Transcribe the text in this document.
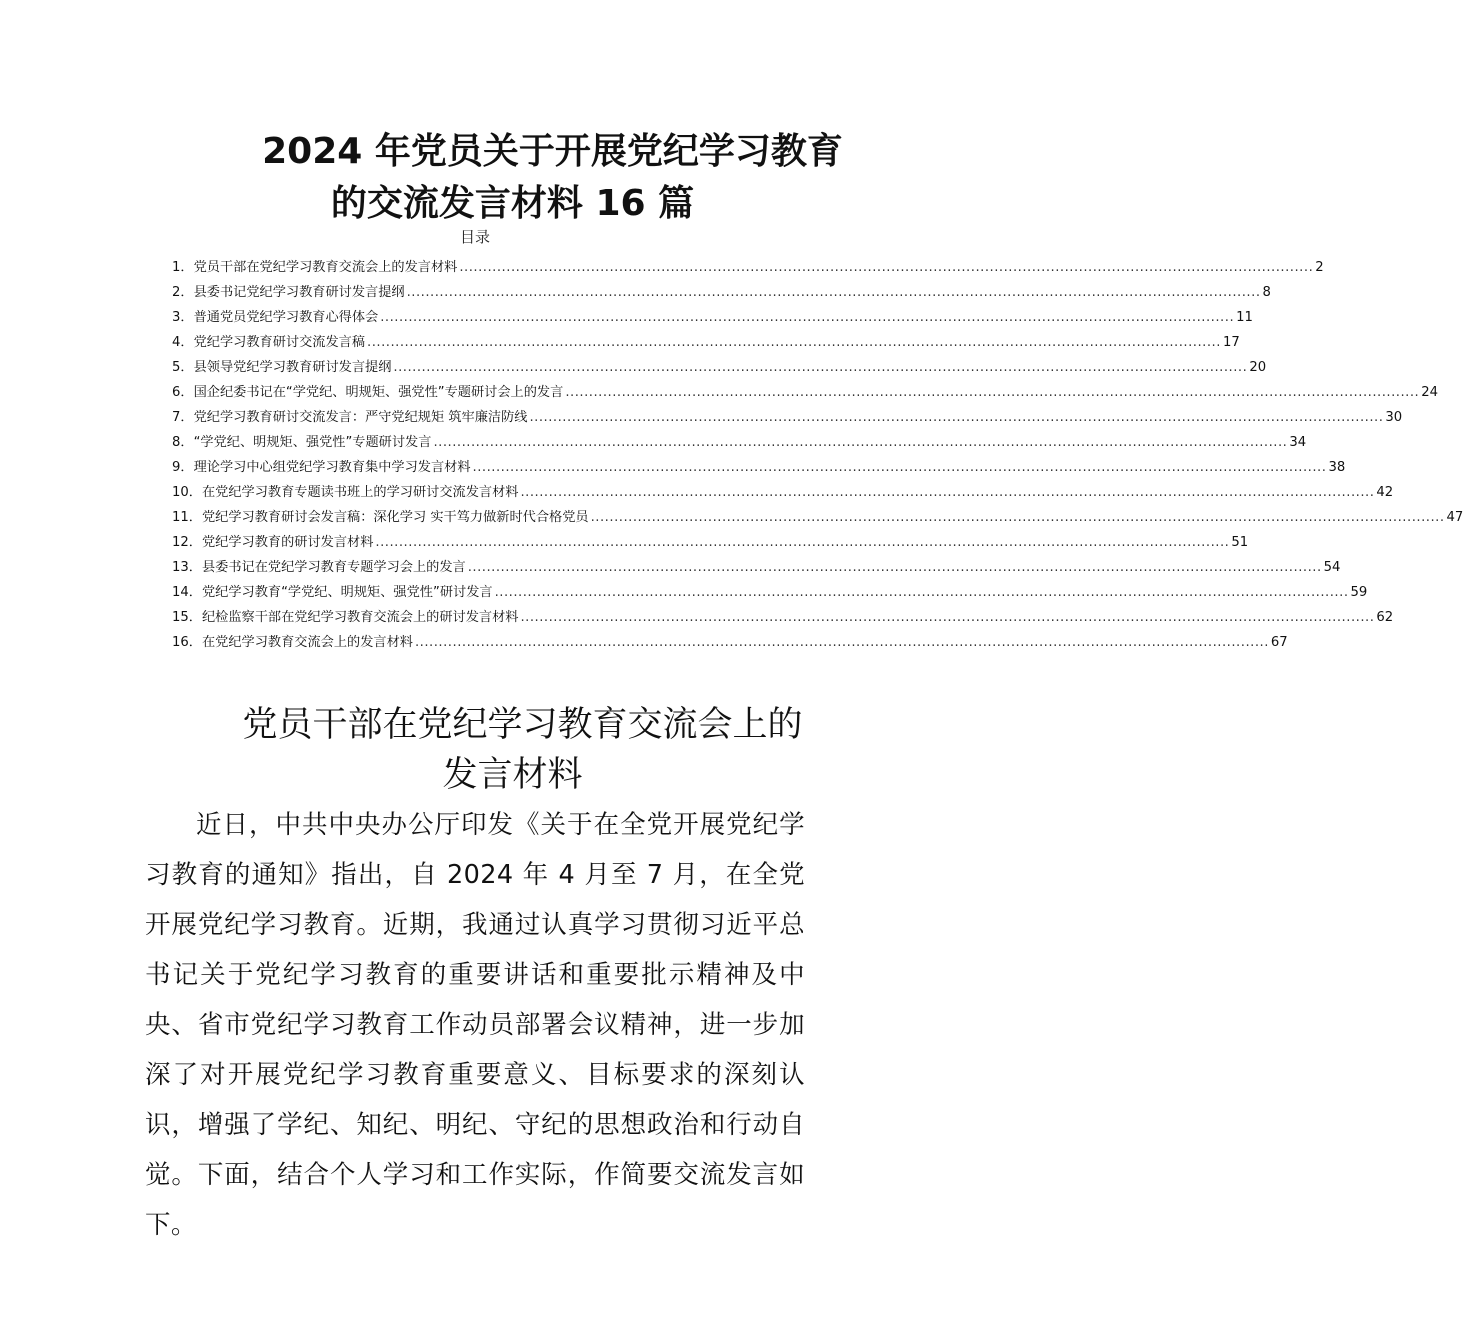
2024 年党员关于开展党纪学习教育
的交流发言材料 16 篇
目录
1． 党员干部在党纪学习教育交流会上的发言材料 .....	2
2． 县委书记党纪学习教育研讨发言提纲 .....	8
3． 普通党员党纪学习教育心得体会 .....	11
4． 党纪学习教育研讨交流发言稿 .....	17
5． 县领导党纪学习教育研讨发言提纲 .....	20
6． 国企纪委书记在“学党纪、明规矩、强党性”专题研讨会上的发言 .....	24
7． 党纪学习教育研讨交流发言：严守党纪规矩 筑牢廉洁防线 .....	30
8． “学党纪、明规矩、强党性”专题研讨发言 .....	34
9． 理论学习中心组党纪学习教育集中学习发言材料 .....	38
10． 在党纪学习教育专题读书班上的学习研讨交流发言材料 .....	42
11． 党纪学习教育研讨会发言稿：深化学习 实干笃力做新时代合格党员 .....	47
12． 党纪学习教育的研讨发言材料 .....	51
13． 县委书记在党纪学习教育专题学习会上的发言 .....	54
14． 党纪学习教育“学党纪、明规矩、强党性”研讨发言 .....	59
15． 纪检监察干部在党纪学习教育交流会上的研讨发言材料 .....	62
16． 在党纪学习教育交流会上的发言材料 .....	67
党员干部在党纪学习教育交流会上的
发言材料
近日，中共中央办公厅印发《关于在全党开展党纪学习教育的通知》指出，自 2024 年 4 月至 7 月，在全党开展党纪学习教育。近期，我通过认真学习贯彻习近平总书记关于党纪学习教育的重要讲话和重要批示精神及中央、省市党纪学习教育工作动员部署会议精神，进一步加深了对开展党纪学习教育重要意义、目标要求的深刻认识，增强了学纪、知纪、明纪、守纪的思想政治和行动自觉。下面，结合个人学习和工作实际，作简要交流发言如下。
